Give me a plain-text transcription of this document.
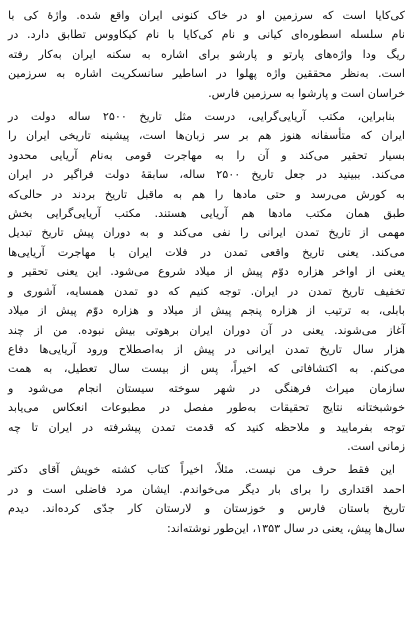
کی‌کایا است که سرزمین او در خاک کنونی ایران واقع شده. واژهٔ کی با
نام سلسله اسطوره‌ای کیانی و نام کی‌کایا با نام کیکاووس تطابق دارد. در
ریگ ودا واژه‌های پارتو و پارشو برای اشاره به سکنه ایران به‌کار رفته
است. به‌نظر محققین واژه پهلوا در اساطیر سانسکریت اشاره به سرزمین
خراسان است و پارشوا به سرزمین فارس.

بنابراین، مکتب آریایی‌گرایی، درست مثل تاریخ ۲۵۰۰ ساله دولت در
ایران که متأسفانه هنوز هم بر سر زبان‌ها است، پیشینه تاریخی ایران را
بسیار تحقیر می‌کند و آن را به مهاجرت قومی به‌نام آریایی محدود
می‌کند. ببینید در جعل تاریخ ۲۵۰۰ ساله، سابقهٔ دولت فراگیر در ایران
به کورش می‌رسد و حتی مادها را هم به ماقبل تاریخ بردند در حالی‌که
طبق همان مکتب مادها هم آریایی هستند. مکتب آریایی‌گرایی بخش
مهمی از تاریخ تمدن ایرانی را نفی می‌کند و به دوران پیش تاریخ تبدیل
می‌کند. یعنی تاریخ واقعی تمدن در فلات ایران با مهاجرت آریایی‌ها
یعنی از اواخر هزاره دوّم پیش از میلاد شروع می‌شود. این یعنی تحقیر و
تخفیف تاریخ تمدن در ایران. توجه کنیم که دو تمدن همسایه، آشوری و
بابلی، به ترتیب از هزاره پنجم پیش از میلاد و هزاره دوّم پیش از میلاد
آغاز می‌شوند. یعنی در آن دوران ایران برهوتی بیش نبوده. من از چند
هزار سال تاریخ تمدن ایرانی در پیش از به‌اصطلاح ورود آریایی‌ها دفاع
می‌کنم. به اکتشافاتی که اخیراً، پس از بیست سال تعطیل، به همت
سازمان میراث فرهنگی در شهر سوخته سیستان انجام می‌شود و
خوشبختانه نتایج تحقیقات به‌طور مفصل در مطبوعات انعکاس می‌یابد
توجه بفرمایید و ملاحظه کنید که قدمت تمدن پیشرفته در ایران تا چه
زمانی است.

این فقط حرف من نیست. مثلاً، اخیراً کتاب کشته خویش آقای دکتر
احمد اقتداری را برای بار دیگر می‌خواندم. ایشان مرد فاضلی است و در
تاریخ باستان فارس و خوزستان و لارستان کار جدّی کرده‌اند. دیدم
سال‌ها پیش، یعنی در سال ۱۳۵۳، این‌طور نوشته‌اند:
